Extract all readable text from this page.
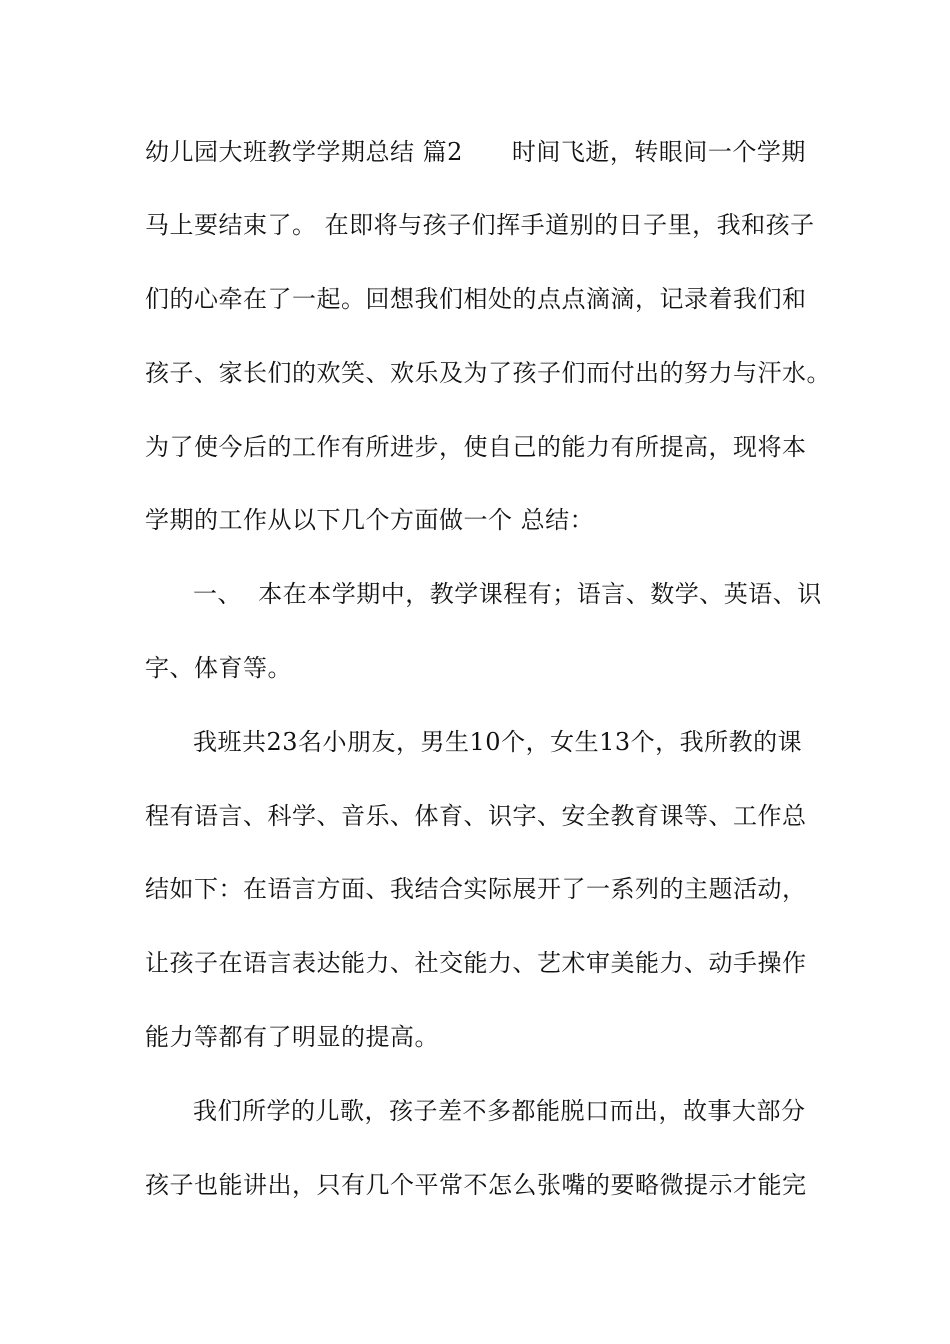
幼儿园大班教学学期总结 篇2　　时间飞逝，转眼间一个学期

马上要结束了。 在即将与孩子们挥手道别的日子里，我和孩子

们的心牵在了一起。回想我们相处的点点滴滴，记录着我们和

孩子、家长们的欢笑、欢乐及为了孩子们而付出的努力与汗水。

为了使今后的工作有所进步，使自己的能力有所提高，现将本

学期的工作从以下几个方面做一个 总结：

一、  本在本学期中，教学课程有；语言、数学、英语、识

字、体育等。

我班共23名小朋友，男生10个，女生13个，我所教的课

程有语言、科学、音乐、体育、识字、安全教育课等、工作总

结如下：在语言方面、我结合实际展开了一系列的主题活动，

让孩子在语言表达能力、社交能力、艺术审美能力、动手操作

能力等都有了明显的提高。

我们所学的儿歌，孩子差不多都能脱口而出，故事大部分

孩子也能讲出，只有几个平常不怎么张嘴的要略微提示才能完
